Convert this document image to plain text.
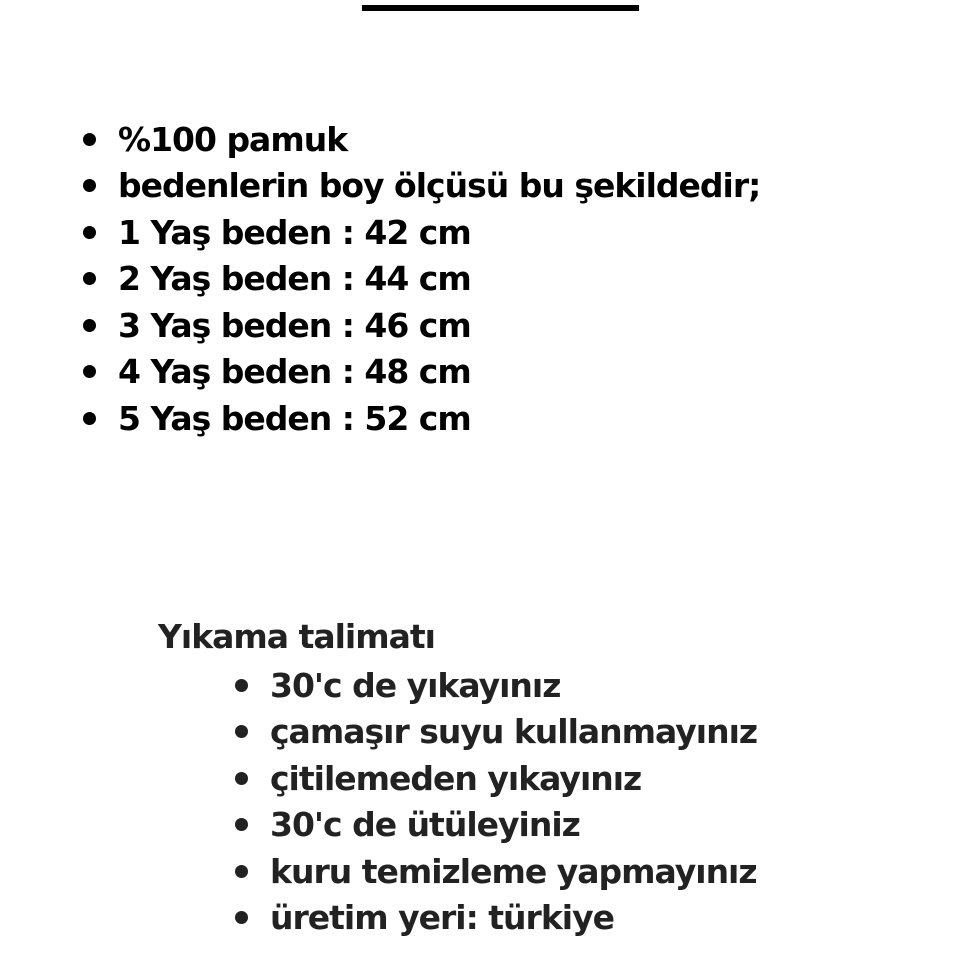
%100 pamuk
bedenlerin boy ölçüsü bu şekildedir;
1 Yaş beden : 42 cm
2 Yaş beden : 44 cm
3 Yaş beden : 46 cm
4 Yaş beden : 48 cm
5 Yaş beden : 52 cm
Yıkama talimatı
30'c de yıkayınız
çamaşır suyu kullanmayınız
çitilemeden yıkayınız
30'c de ütüleyiniz
kuru temizleme yapmayınız
üretim yeri: türkiye
